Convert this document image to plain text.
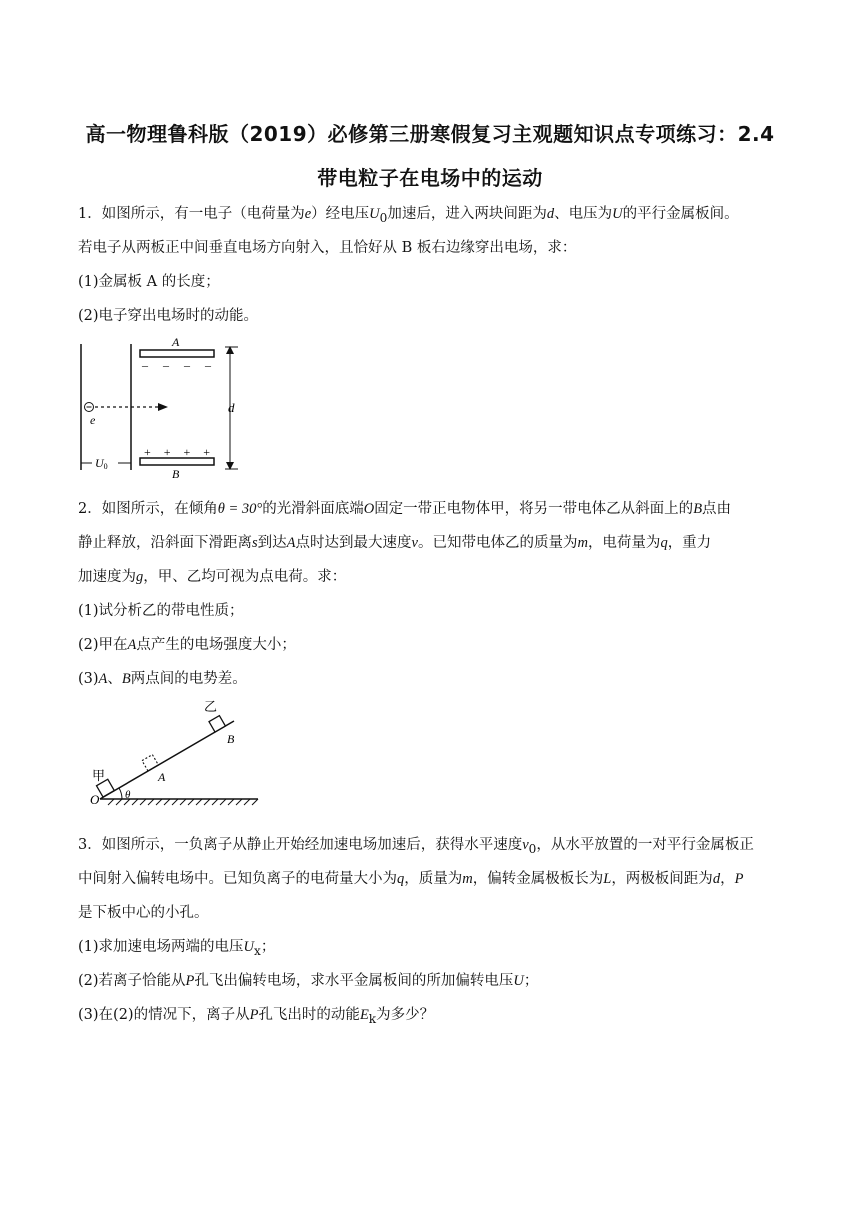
高一物理鲁科版（2019）必修第三册寒假复习主观题知识点专项练习：2.4
带电粒子在电场中的运动
1．如图所示，有一电子（电荷量为e）经电压$U_0$加速后，进入两块间距为d、电压为U的平行金属板间。
若电子从两板正中间垂直电场方向射入，且恰好从 B 板右边缘穿出电场，求：
(1)金属板 A 的长度；
(2)电子穿出电场时的动能。
A
– – – –
+ + + +
B
e
d
U0
2．如图所示，在倾角θ = 30°的光滑斜面底端O固定一带正电物体甲，将另一带电体乙从斜面上的B点由
静止释放，沿斜面下滑距离s到达A点时达到最大速度v。已知带电体乙的质量为m，电荷量为q，重力
加速度为g，甲、乙均可视为点电荷。求：
(1)试分析乙的带电性质；
(2)甲在A点产生的电场强度大小；
(3)A、B两点间的电势差。
甲
O θ
A
乙
B
3．如图所示，一负离子从静止开始经加速电场加速后，获得水平速度$v_0$，从水平放置的一对平行金属板正
中间射入偏转电场中。已知负离子的电荷量大小为q，质量为m，偏转金属极板长为L，两极板间距为d，P
是下板中心的小孔。
(1)求加速电场两端的电压$U_x$；
(2)若离子恰能从P孔飞出偏转电场，求水平金属板间的所加偏转电压U；
(3)在(2)的情况下，离子从P孔飞出时的动能$E_k$为多少？
